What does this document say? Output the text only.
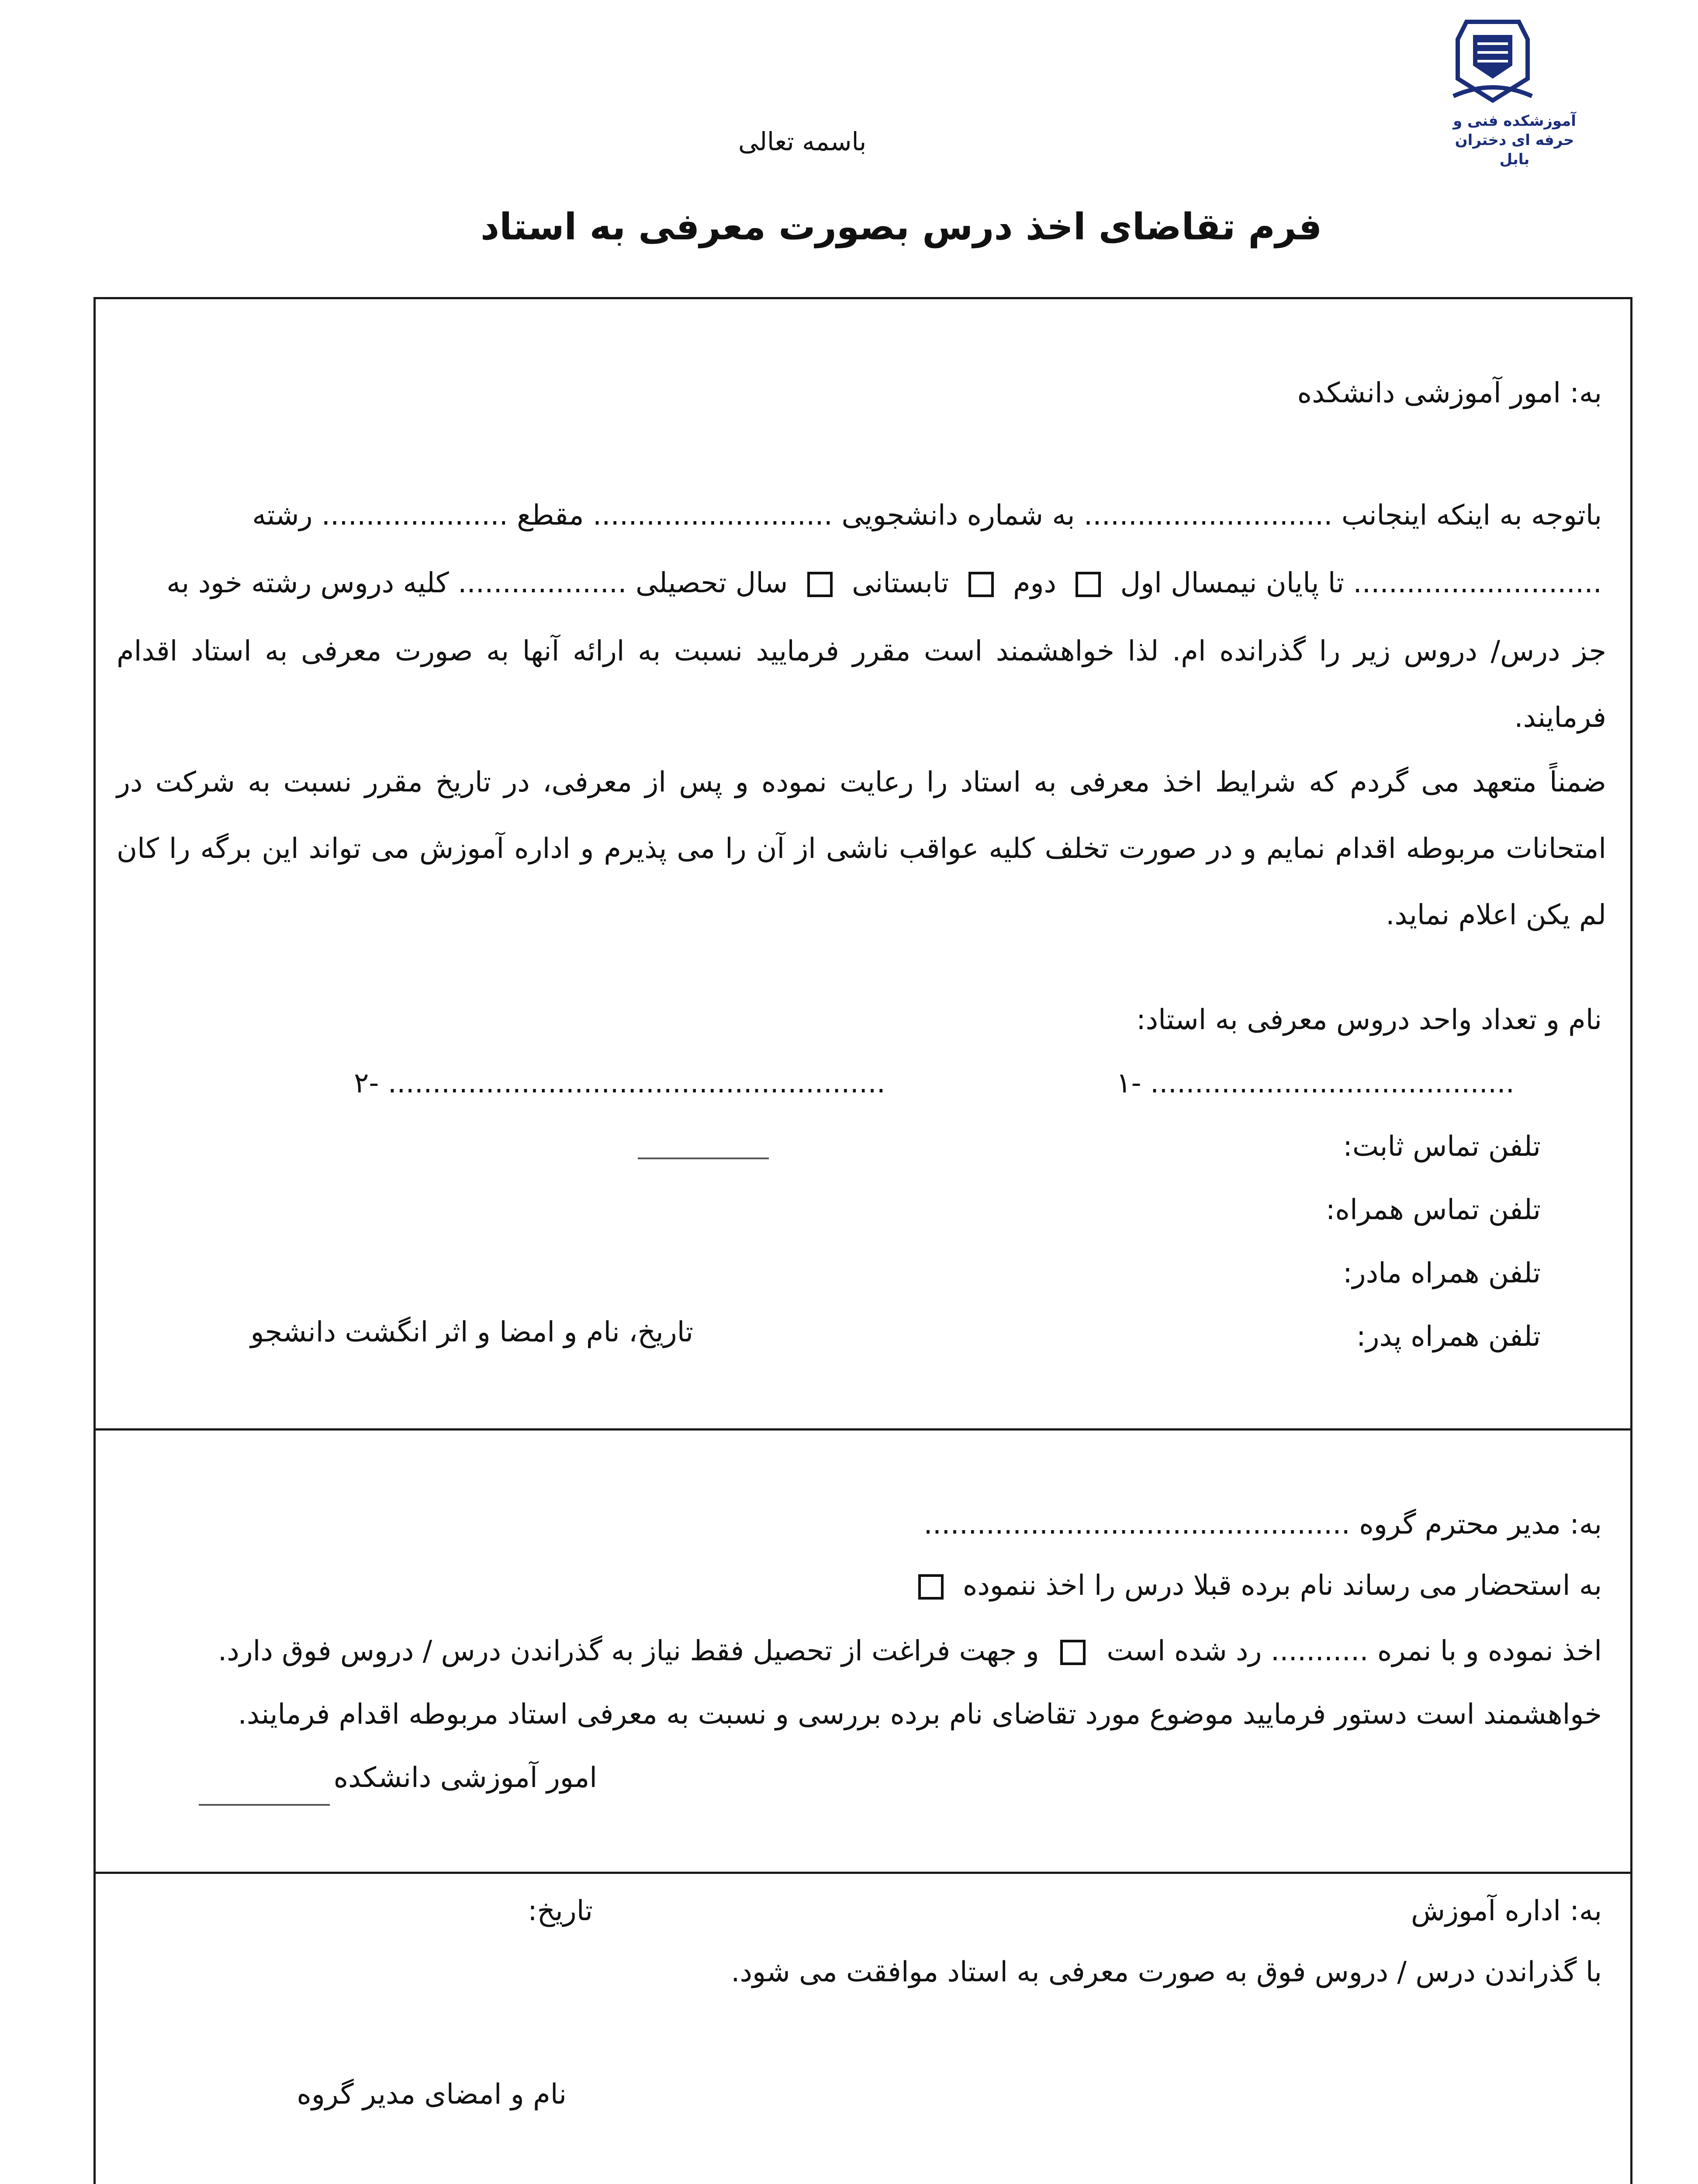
آموزشکده فنی و حرفه ای دختران بابل
باسمه تعالی
فرم تقاضای اخذ درس بصورت معرفی به استاد
به: امور آموزشی دانشکده
باتوجه به اینکه اینجانب ............................ به شماره دانشجویی ........................... مقطع ..................... رشته
............................ تا پایان نیمسال اول  دوم  تابستانی  سال تحصیلی ................... کلیه دروس رشته خود به
جز درس/ دروس زیر را گذرانده ام. لذا خواهشمند است مقرر فرمایید نسبت به ارائه آنها به صورت معرفی به استاد اقدام فرمایند.
ضمناً متعهد می گردم که شرایط اخذ معرفی به استاد را رعایت نموده و پس از معرفی، در تاریخ مقرر نسبت به شرکت در امتحانات مربوطه اقدام نمایم و در صورت تخلف کلیه عواقب ناشی از آن را می پذیرم و اداره آموزش می تواند این برگه را کان لم یکن اعلام نماید.
نام و تعداد واحد دروس معرفی به استاد:
١- .........................................
٢- ........................................................
تلفن تماس ثابت:
تلفن تماس همراه:
تلفن همراه مادر:
تلفن همراه پدر:
تاریخ، نام و امضا و اثر انگشت دانشجو
به: مدیر محترم گروه ................................................
به استحضار می رساند نام برده قبلا درس را اخذ ننموده
اخذ نموده و با نمره ........... رد شده است  و جهت فراغت از تحصیل فقط نیاز به گذراندن درس / دروس فوق دارد.
خواهشمند است دستور فرمایید موضوع مورد تقاضای نام برده بررسی و نسبت به معرفی استاد مربوطه اقدام فرمایند.
امور آموزشی دانشکده
به: اداره آموزش
تاریخ:
با گذراندن درس / دروس فوق به صورت معرفی به استاد موافقت می شود.
نام و امضای مدیر گروه
